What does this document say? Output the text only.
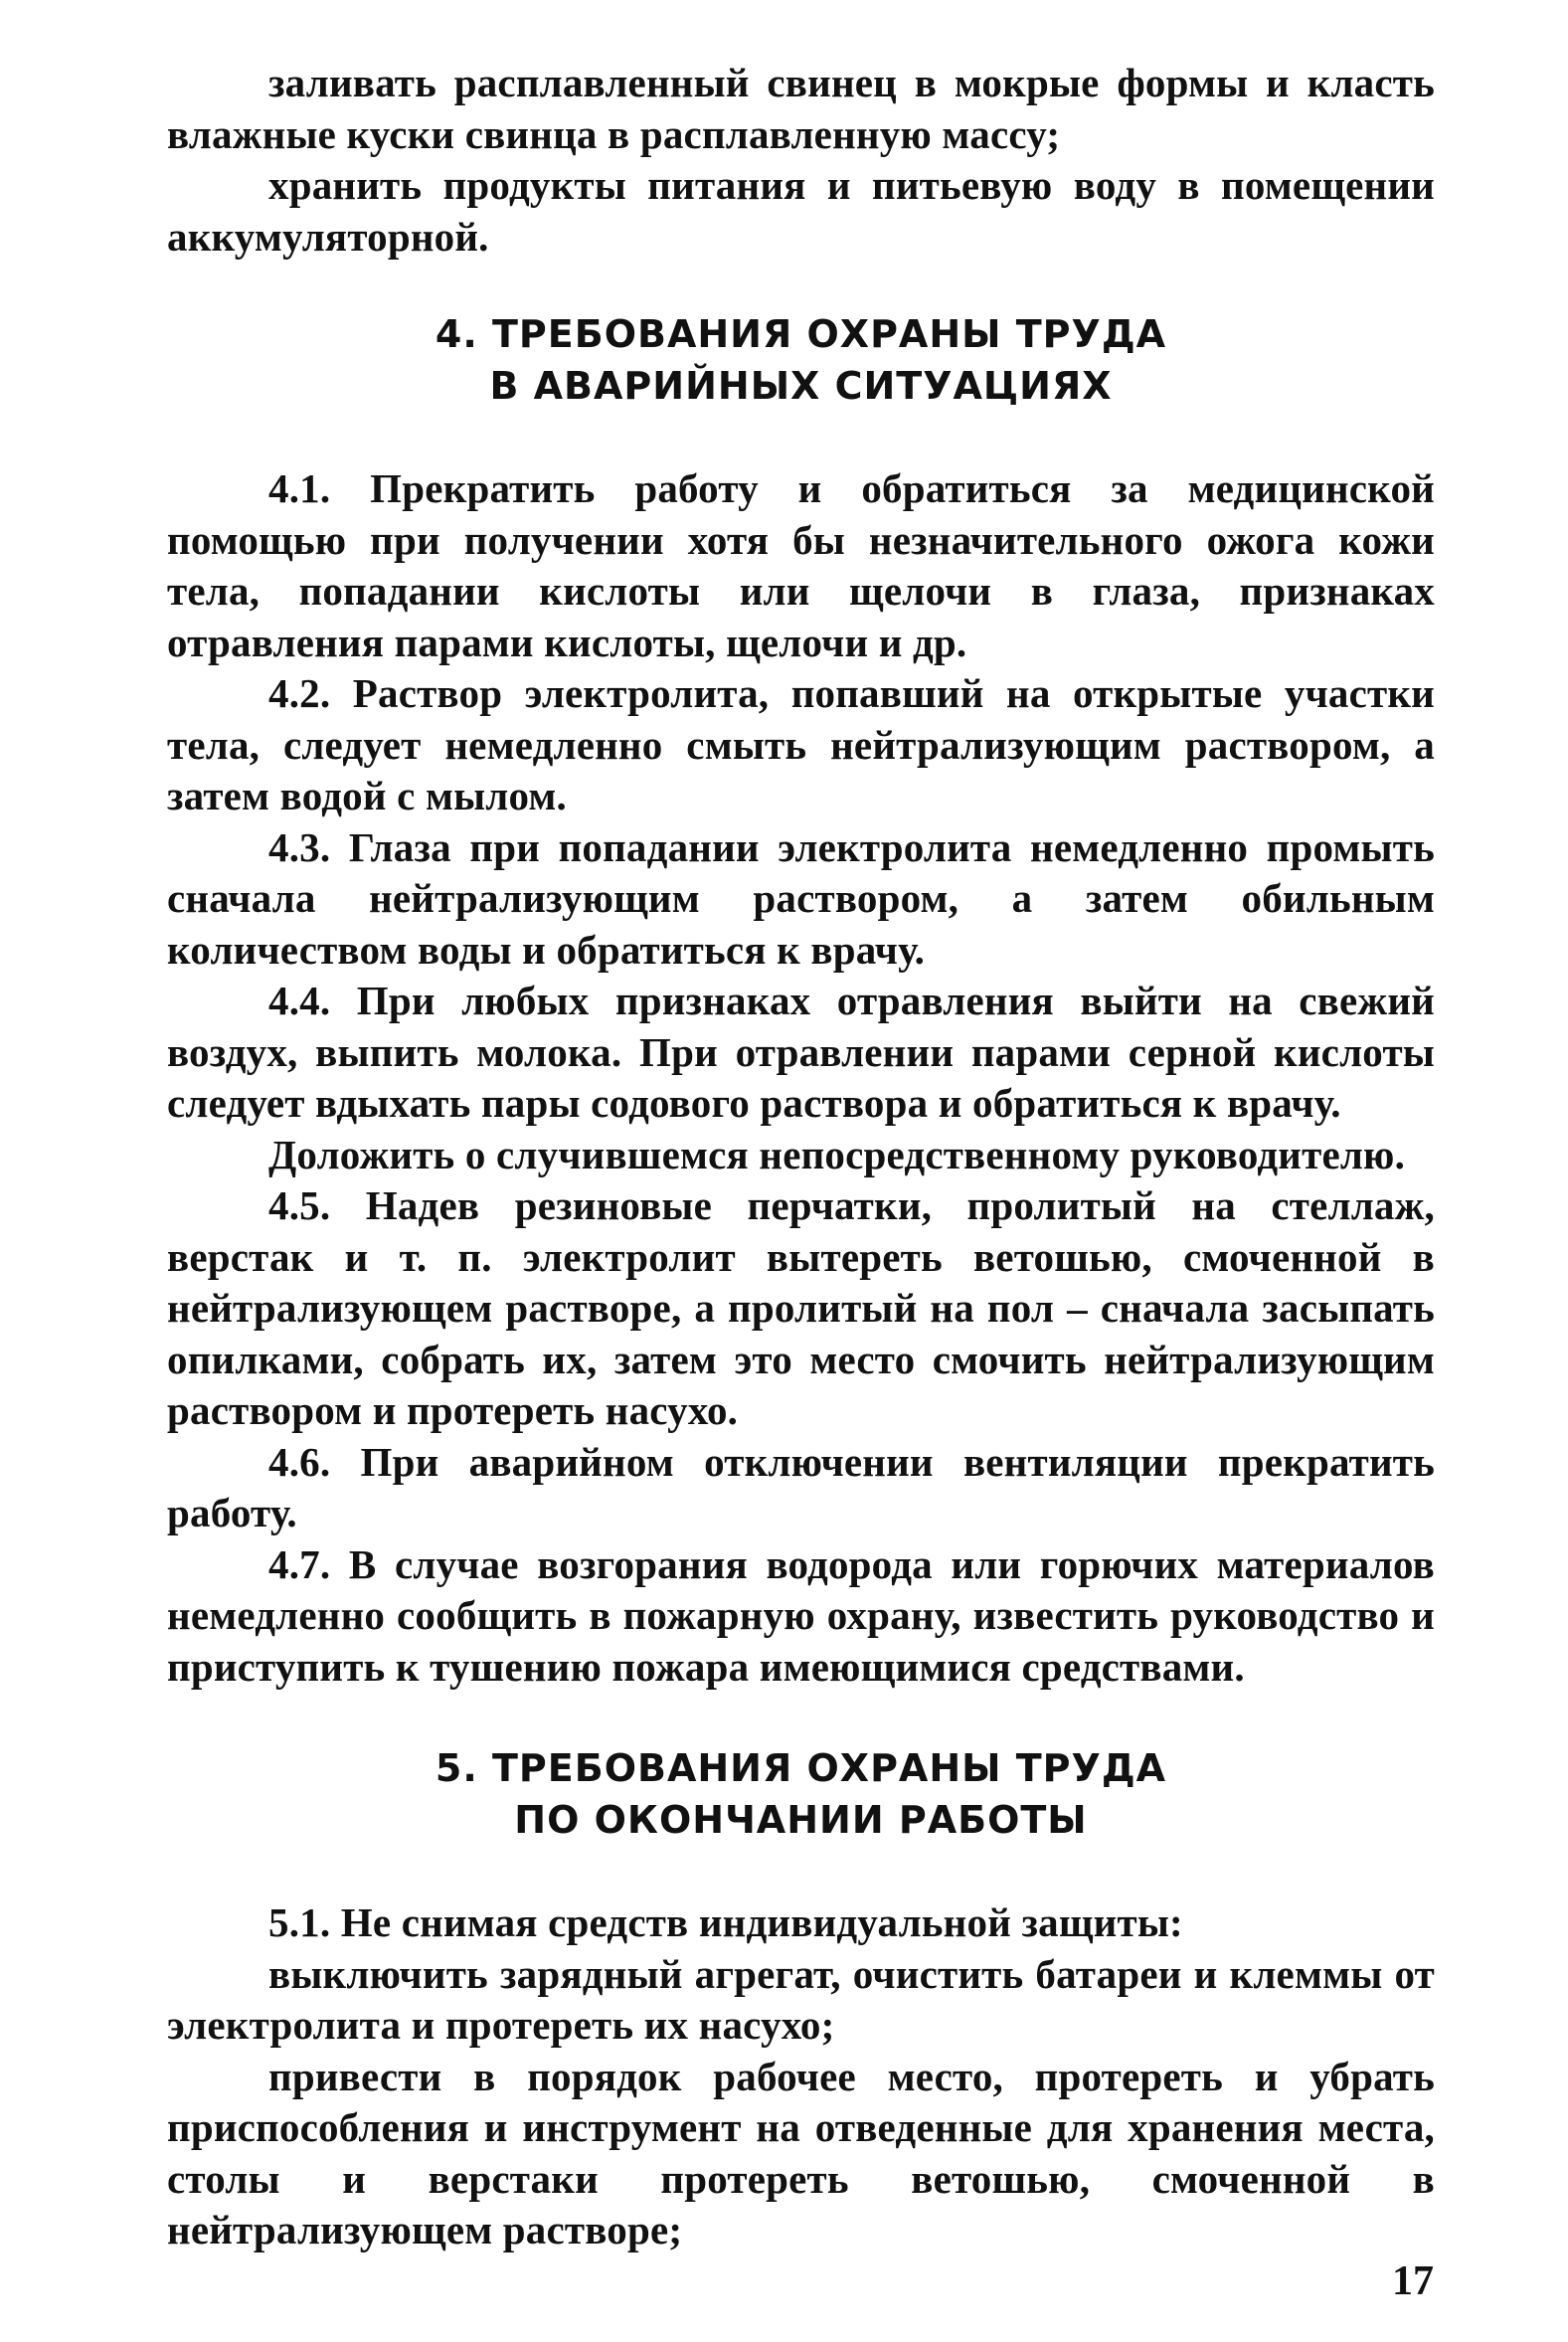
заливать расплавленный свинец в мокрые формы и класть влажные куски свинца в расплавленную массу;

хранить продукты питания и питьевую воду в помещении аккумуляторной.

4. ТРЕБОВАНИЯ ОХРАНЫ ТРУДА
В АВАРИЙНЫХ СИТУАЦИЯХ

4.1. Прекратить работу и обратиться за медицинской помощью при получении хотя бы незначительного ожога кожи тела, попадании кислоты или щелочи в глаза, признаках отравления парами кислоты, щелочи и др.

4.2. Раствор электролита, попавший на открытые участки тела, следует немедленно смыть нейтрализующим раствором, а затем водой с мылом.

4.3. Глаза при попадании электролита немедленно промыть сначала нейтрализующим раствором, а затем обильным количеством воды и обратиться к врачу.

4.4. При любых признаках отравления выйти на свежий воздух, выпить молока. При отравлении парами серной кислоты следует вдыхать пары содового раствора и обратиться к врачу.

Доложить о случившемся непосредственному руководителю.

4.5. Надев резиновые перчатки, пролитый на стеллаж, верстак и т. п. электролит вытереть ветошью, смоченной в нейтрализующем растворе, а пролитый на пол – сначала засыпать опилками, собрать их, затем это место смочить нейтрализующим раствором и протереть насухо.

4.6. При аварийном отключении вентиляции прекратить работу.

4.7. В случае возгорания водорода или горючих материалов немедленно сообщить в пожарную охрану, известить руководство и приступить к тушению пожара имеющимися средствами.

5. ТРЕБОВАНИЯ ОХРАНЫ ТРУДА
ПО ОКОНЧАНИИ РАБОТЫ

5.1. Не снимая средств индивидуальной защиты:

выключить зарядный агрегат, очистить батареи и клеммы от электролита и протереть их насухо;

привести в порядок рабочее место, протереть и убрать приспособления и инструмент на отведенные для хранения места, столы и верстаки протереть ветошью, смоченной в нейтрализующем растворе;

17
